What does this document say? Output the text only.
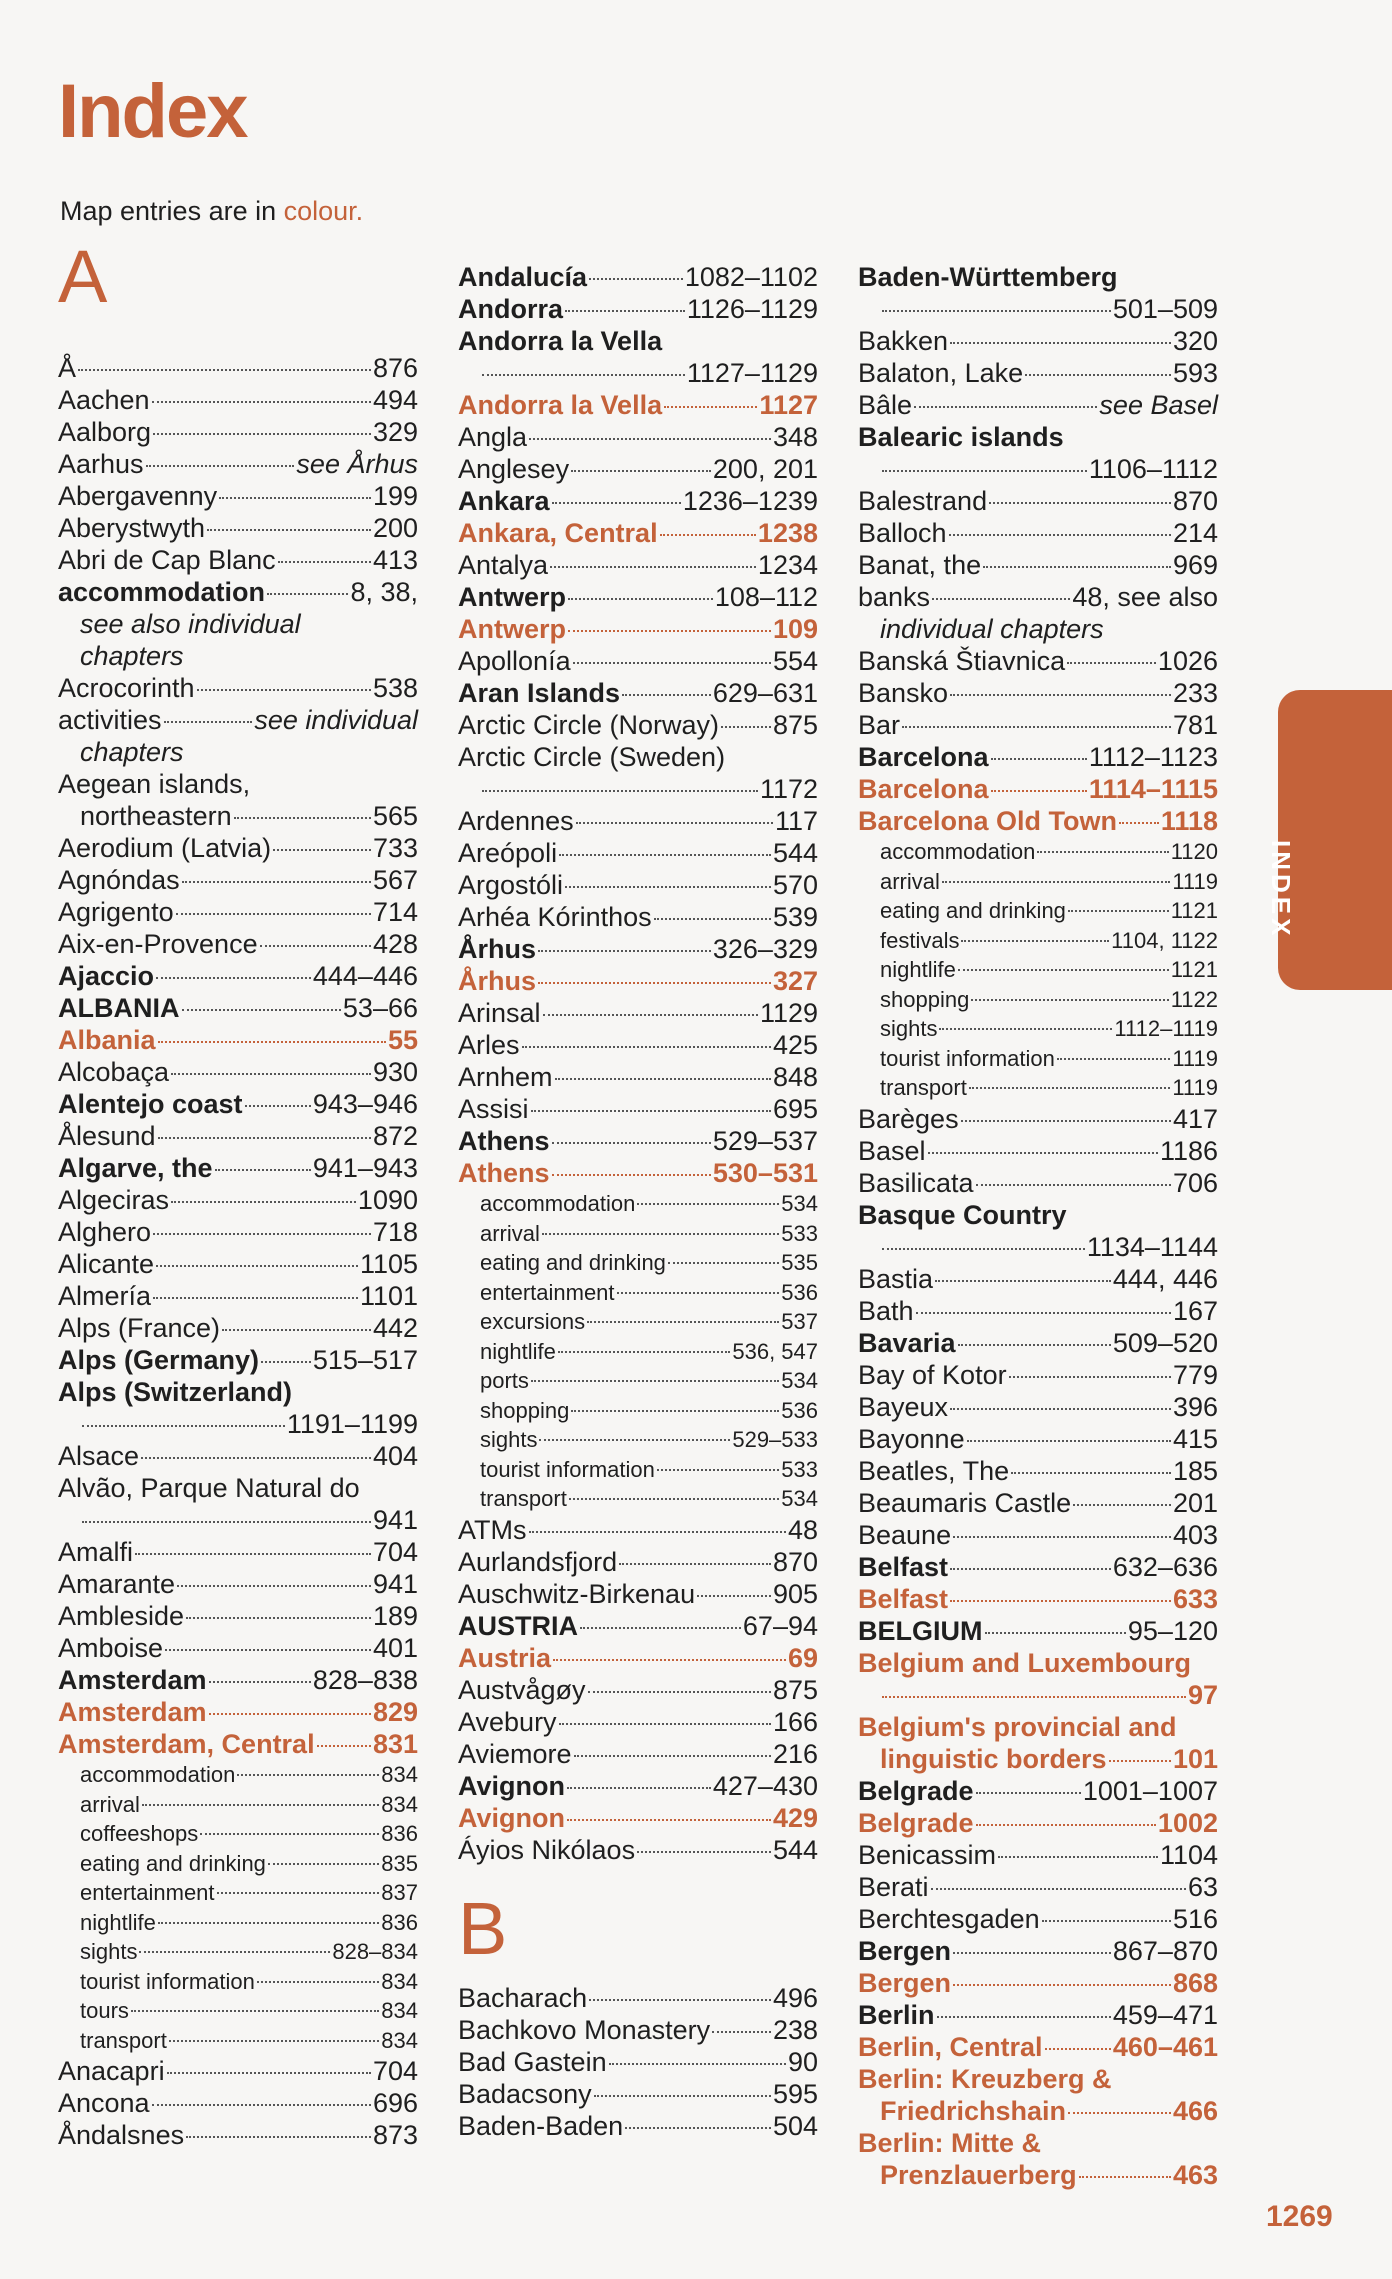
Index
Map entries are in colour.
A
Å	876
Aachen	494
Aalborg	329
Aarhus	see Århus
Abergavenny	199
Aberystwyth	200
Abri de Cap Blanc	413
accommodation	8, 38,
see also individual
chapters
Acrocorinth	538
activities	see individual
chapters
Aegean islands,
northeastern	565
Aerodium (Latvia)	733
Agnóndas	567
Agrigento	714
Aix-en-Provence	428
Ajaccio	444–446
ALBANIA	53–66
Albania	55
Alcobaça	930
Alentejo coast	943–946
Ålesund	872
Algarve, the	941–943
Algeciras	1090
Alghero	718
Alicante	1105
Almería	1101
Alps (France)	442
Alps (Germany) 515–517
Alps (Switzerland)
1191–1199
Alsace	404
Alvão, Parque Natural do
941
Amalfi	704
Amarante	941
Ambleside	189
Amboise	401
Amsterdam	828–838
Amsterdam	829
Amsterdam, Central 831
accommodation	834
arrival	834
coffeeshops	836
eating and drinking	835
entertainment	837
nightlife	836
sights	828–834
tourist information	834
tours	834
transport	834
Anacapri	704
Ancona	696
Åndalsnes	873
Andalucía	1082–1102
Andorra	1126–1129
Andorra la Vella
1127–1129
Andorra la Vella	1127
Angla	348
Anglesey	200, 201
Ankara	1236–1239
Ankara, Central	1238
Antalya	1234
Antwerp	108–112
Antwerp	109
Apollonía	554
Aran Islands	629–631
Arctic Circle (Norway) 875
Arctic Circle (Sweden)
1172
Ardennes	117
Areópoli	544
Argostóli	570
Arhéa Kórinthos	539
Århus	326–329
Århus	327
Arinsal	1129
Arles	425
Arnhem	848
Assisi	695
Athens	529–537
Athens	530–531
accommodation	534
arrival	533
eating and drinking	535
entertainment	536
excursions	537
nightlife	536, 547
ports	534
shopping	536
sights	529–533
tourist information	533
transport	534
ATMs	48
Aurlandsfjord	870
Auschwitz-Birkenau	905
AUSTRIA	67–94
Austria	69
Austvågøy	875
Avebury	166
Aviemore	216
Avignon	427–430
Avignon	429
Áyios Nikólaos	544
B
Bacharach	496
Bachkovo Monastery 238
Bad Gastein	90
Badacsony	595
Baden-Baden	504
Baden-Württemberg
501–509
Bakken	320
Balaton, Lake	593
Bâle	see Basel
Balearic islands
1106–1112
Balestrand	870
Balloch	214
Banat, the	969
banks	48, see also
individual chapters
Banská Štiavnica	1026
Bansko	233
Bar	781
Barcelona	1112–1123
Barcelona	1114–1115
Barcelona Old Town 1118
accommodation	1120
arrival	1119
eating and drinking	1121
festivals	1104, 1122
nightlife	1121
shopping	1122
sights	1112–1119
tourist information	1119
transport	1119
Barèges	417
Basel	1186
Basilicata	706
Basque Country
1134–1144
Bastia	444, 446
Bath	167
Bavaria	509–520
Bay of Kotor	779
Bayeux	396
Bayonne	415
Beatles, The	185
Beaumaris Castle	201
Beaune	403
Belfast	632–636
Belfast	633
BELGIUM	95–120
Belgium and Luxembourg
97
Belgium's provincial and
linguistic borders 101
Belgrade	1001–1007
Belgrade	1002
Benicassim	1104
Berati	63
Berchtesgaden	516
Bergen	867–870
Bergen	868
Berlin	459–471
Berlin, Central	460–461
Berlin: Kreuzberg &
Friedrichshain	466
Berlin: Mitte &
Prenzlauerberg	463
INDEX
1269
